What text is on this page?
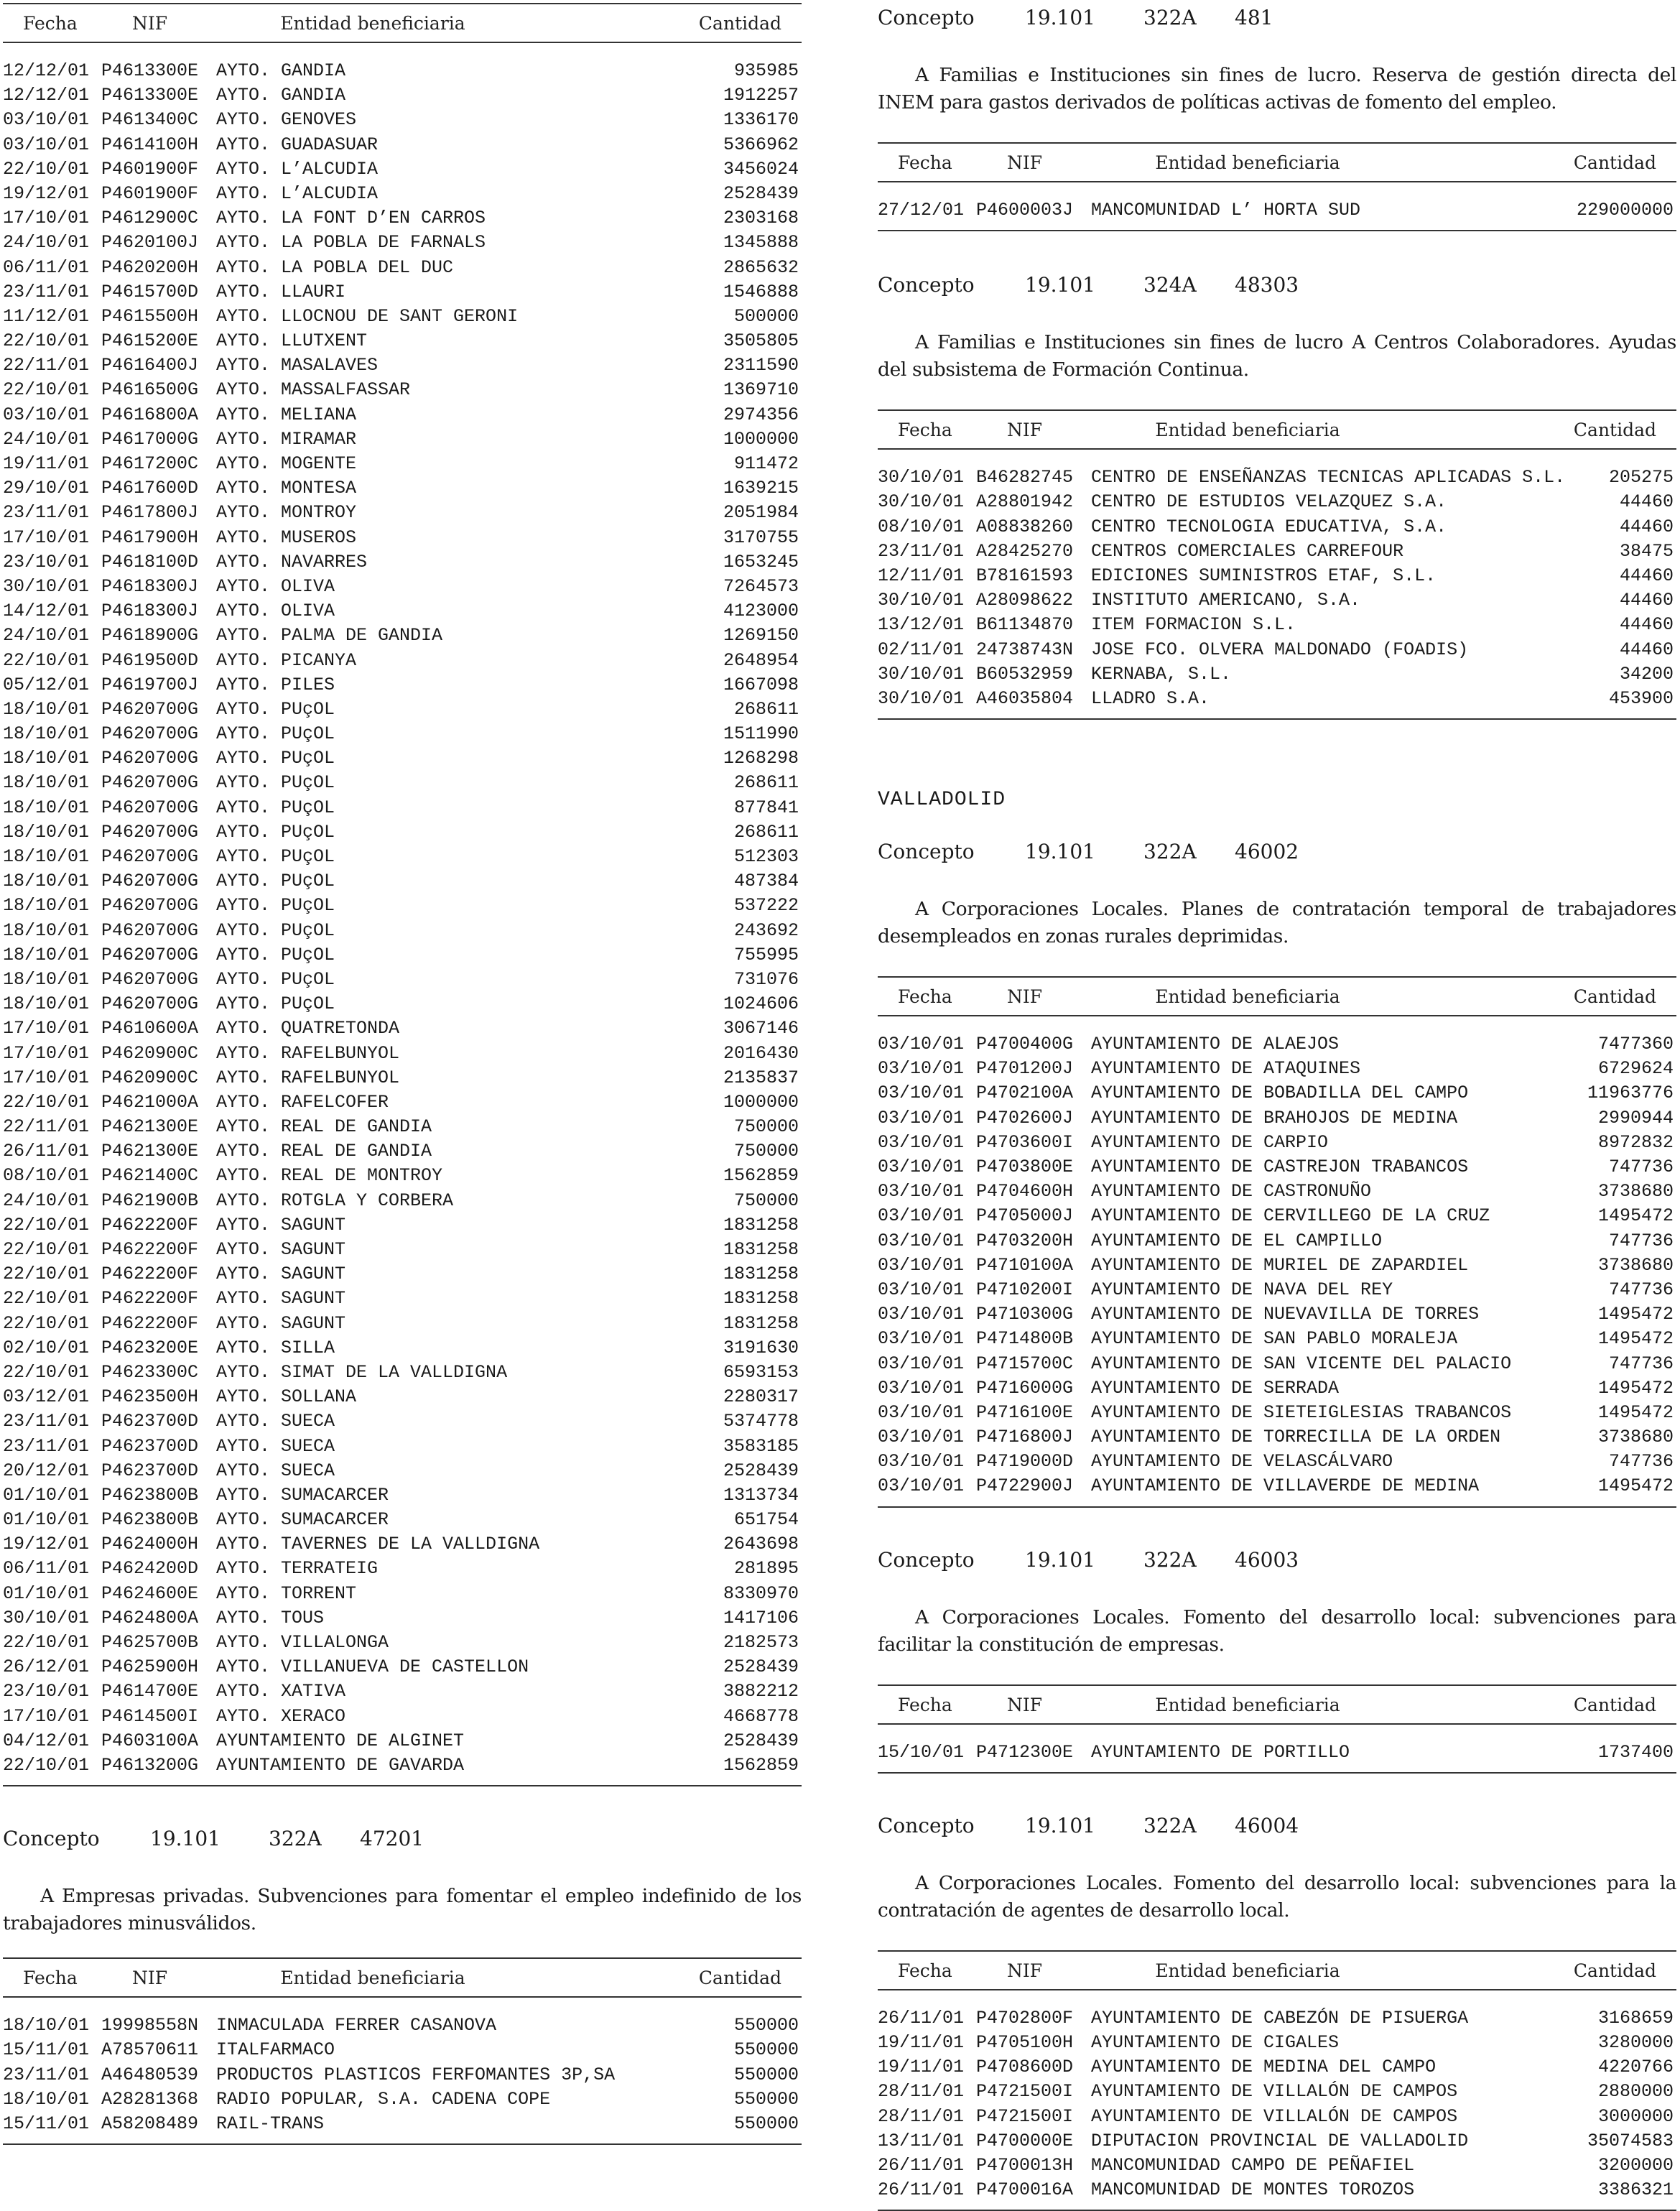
Fecha	NIF	Entidad beneficiaria	Cantidad
12/12/01 P4613300E AYTO. GANDIA	935985
12/12/01 P4613300E AYTO. GANDIA	1912257
03/10/01 P4613400C AYTO. GENOVES	1336170
03/10/01 P4614100H AYTO. GUADASUAR	5366962
22/10/01 P4601900F AYTO. L’ALCUDIA	3456024
19/12/01 P4601900F AYTO. L’ALCUDIA	2528439
17/10/01 P4612900C AYTO. LA FONT D’EN CARROS	2303168
24/10/01 P4620100J AYTO. LA POBLA DE FARNALS	1345888
06/11/01 P4620200H AYTO. LA POBLA DEL DUC	2865632
23/11/01 P4615700D AYTO. LLAURI	1546888
11/12/01 P4615500H AYTO. LLOCNOU DE SANT GERONI	500000
22/10/01 P4615200E AYTO. LLUTXENT	3505805
22/11/01 P4616400J AYTO. MASALAVES	2311590
22/10/01 P4616500G AYTO. MASSALFASSAR	1369710
03/10/01 P4616800A AYTO. MELIANA	2974356
24/10/01 P4617000G AYTO. MIRAMAR	1000000
19/11/01 P4617200C AYTO. MOGENTE	911472
29/10/01 P4617600D AYTO. MONTESA	1639215
23/11/01 P4617800J AYTO. MONTROY	2051984
17/10/01 P4617900H AYTO. MUSEROS	3170755
23/10/01 P4618100D AYTO. NAVARRES	1653245
30/10/01 P4618300J AYTO. OLIVA	7264573
14/12/01 P4618300J AYTO. OLIVA	4123000
24/10/01 P4618900G AYTO. PALMA DE GANDIA	1269150
22/10/01 P4619500D AYTO. PICANYA	2648954
05/12/01 P4619700J AYTO. PILES	1667098
18/10/01 P4620700G AYTO. PUçOL	268611
18/10/01 P4620700G AYTO. PUçOL	1511990
18/10/01 P4620700G AYTO. PUçOL	1268298
18/10/01 P4620700G AYTO. PUçOL	268611
18/10/01 P4620700G AYTO. PUçOL	877841
18/10/01 P4620700G AYTO. PUçOL	268611
18/10/01 P4620700G AYTO. PUçOL	512303
18/10/01 P4620700G AYTO. PUçOL	487384
18/10/01 P4620700G AYTO. PUçOL	537222
18/10/01 P4620700G AYTO. PUçOL	243692
18/10/01 P4620700G AYTO. PUçOL	755995
18/10/01 P4620700G AYTO. PUçOL	731076
18/10/01 P4620700G AYTO. PUçOL	1024606
17/10/01 P4610600A AYTO. QUATRETONDA	3067146
17/10/01 P4620900C AYTO. RAFELBUNYOL	2016430
17/10/01 P4620900C AYTO. RAFELBUNYOL	2135837
22/10/01 P4621000A AYTO. RAFELCOFER	1000000
22/11/01 P4621300E AYTO. REAL DE GANDIA	750000
26/11/01 P4621300E AYTO. REAL DE GANDIA	750000
08/10/01 P4621400C AYTO. REAL DE MONTROY	1562859
24/10/01 P4621900B AYTO. ROTGLA Y CORBERA	750000
22/10/01 P4622200F AYTO. SAGUNT	1831258
22/10/01 P4622200F AYTO. SAGUNT	1831258
22/10/01 P4622200F AYTO. SAGUNT	1831258
22/10/01 P4622200F AYTO. SAGUNT	1831258
22/10/01 P4622200F AYTO. SAGUNT	1831258
02/10/01 P4623200E AYTO. SILLA	3191630
22/10/01 P4623300C AYTO. SIMAT DE LA VALLDIGNA	6593153
03/12/01 P4623500H AYTO. SOLLANA	2280317
23/11/01 P4623700D AYTO. SUECA	5374778
23/11/01 P4623700D AYTO. SUECA	3583185
20/12/01 P4623700D AYTO. SUECA	2528439
01/10/01 P4623800B AYTO. SUMACARCER	1313734
01/10/01 P4623800B AYTO. SUMACARCER	651754
19/12/01 P4624000H AYTO. TAVERNES DE LA VALLDIGNA	2643698
06/11/01 P4624200D AYTO. TERRATEIG	281895
01/10/01 P4624600E AYTO. TORRENT	8330970
30/10/01 P4624800A AYTO. TOUS	1417106
22/10/01 P4625700B AYTO. VILLALONGA	2182573
26/12/01 P4625900H AYTO. VILLANUEVA DE CASTELLON	2528439
23/10/01 P4614700E AYTO. XATIVA	3882212
17/10/01 P4614500I AYTO. XERACO	4668778
04/12/01 P4603100A AYUNTAMIENTO DE ALGINET	2528439
22/10/01 P4613200G AYUNTAMIENTO DE GAVARDA	1562859
Concepto	19.101 322A 47201
A Empresas privadas. Subvenciones para fomentar el empleo indefinido de los trabajadores minusválidos.
Fecha	NIF	Entidad beneficiaria	Cantidad
18/10/01 19998558N INMACULADA FERRER CASANOVA	550000
15/11/01 A78570611 ITALFARMACO	550000
23/11/01 A46480539 PRODUCTOS PLASTICOS FERFOMANTES 3P,SA	550000
18/10/01 A28281368 RADIO POPULAR, S.A. CADENA COPE	550000
15/11/01 A58208489 RAIL-TRANS	550000
Concepto	19.101 322A 481
A Familias e Instituciones sin fines de lucro. Reserva de gestión directa del INEM para gastos derivados de políticas activas de fomento del empleo.
Fecha	NIF	Entidad beneficiaria	Cantidad
27/12/01 P4600003J MANCOMUNIDAD L’ HORTA SUD	229000000
Concepto	19.101 324A 48303
A Familias e Instituciones sin fines de lucro A Centros Colaboradores. Ayudas del subsistema de Formación Continua.
Fecha	NIF	Entidad beneficiaria	Cantidad
30/10/01 B46282745 CENTRO DE ENSEÑANZAS TECNICAS APLICADAS S.L. 205275
30/10/01 A28801942 CENTRO DE ESTUDIOS VELAZQUEZ S.A.	44460
08/10/01 A08838260 CENTRO TECNOLOGIA EDUCATIVA, S.A.	44460
23/11/01 A28425270 CENTROS COMERCIALES CARREFOUR	38475
12/11/01 B78161593 EDICIONES SUMINISTROS ETAF, S.L.	44460
30/10/01 A28098622 INSTITUTO AMERICANO, S.A.	44460
13/12/01 B61134870 ITEM FORMACION S.L.	44460
02/11/01 24738743N JOSE FCO. OLVERA MALDONADO (FOADIS)	44460
30/10/01 B60532959 KERNABA, S.L.	34200
30/10/01 A46035804 LLADRO S.A.	453900
VALLADOLID
Concepto	19.101 322A 46002
A Corporaciones Locales. Planes de contratación temporal de trabajadores desempleados en zonas rurales deprimidas.
Fecha	NIF	Entidad beneficiaria	Cantidad
03/10/01 P4700400G AYUNTAMIENTO DE ALAEJOS	7477360
03/10/01 P4701200J AYUNTAMIENTO DE ATAQUINES	6729624
03/10/01 P4702100A AYUNTAMIENTO DE BOBADILLA DEL CAMPO	11963776
03/10/01 P4702600J AYUNTAMIENTO DE BRAHOJOS DE MEDINA	2990944
03/10/01 P4703600I AYUNTAMIENTO DE CARPIO	8972832
03/10/01 P4703800E AYUNTAMIENTO DE CASTREJON TRABANCOS	747736
03/10/01 P4704600H AYUNTAMIENTO DE CASTRONUÑO	3738680
03/10/01 P4705000J AYUNTAMIENTO DE CERVILLEGO DE LA CRUZ	1495472
03/10/01 P4703200H AYUNTAMIENTO DE EL CAMPILLO	747736
03/10/01 P4710100A AYUNTAMIENTO DE MURIEL DE ZAPARDIEL	3738680
03/10/01 P4710200I AYUNTAMIENTO DE NAVA DEL REY	747736
03/10/01 P4710300G AYUNTAMIENTO DE NUEVAVILLA DE TORRES	1495472
03/10/01 P4714800B AYUNTAMIENTO DE SAN PABLO MORALEJA	1495472
03/10/01 P4715700C AYUNTAMIENTO DE SAN VICENTE DEL PALACIO	747736
03/10/01 P4716000G AYUNTAMIENTO DE SERRADA	1495472
03/10/01 P4716100E AYUNTAMIENTO DE SIETEIGLESIAS TRABANCOS	1495472
03/10/01 P4716800J AYUNTAMIENTO DE TORRECILLA DE LA ORDEN	3738680
03/10/01 P4719000D AYUNTAMIENTO DE VELASCÁLVARO	747736
03/10/01 P4722900J AYUNTAMIENTO DE VILLAVERDE DE MEDINA	1495472
Concepto	19.101 322A 46003
A Corporaciones Locales. Fomento del desarrollo local: subvenciones para facilitar la constitución de empresas.
Fecha	NIF	Entidad beneficiaria	Cantidad
15/10/01 P4712300E AYUNTAMIENTO DE PORTILLO	1737400
Concepto	19.101 322A 46004
A Corporaciones Locales. Fomento del desarrollo local: subvenciones para la contratación de agentes de desarrollo local.
Fecha	NIF	Entidad beneficiaria	Cantidad
26/11/01 P4702800F AYUNTAMIENTO DE CABEZÓN DE PISUERGA	3168659
19/11/01 P4705100H AYUNTAMIENTO DE CIGALES	3280000
19/11/01 P4708600D AYUNTAMIENTO DE MEDINA DEL CAMPO	4220766
28/11/01 P4721500I AYUNTAMIENTO DE VILLALÓN DE CAMPOS	2880000
28/11/01 P4721500I AYUNTAMIENTO DE VILLALÓN DE CAMPOS	3000000
13/11/01 P4700000E DIPUTACION PROVINCIAL DE VALLADOLID	35074583
26/11/01 P4700013H MANCOMUNIDAD CAMPO DE PEÑAFIEL	3200000
26/11/01 P4700016A MANCOMUNIDAD DE MONTES TOROZOS	3386321
